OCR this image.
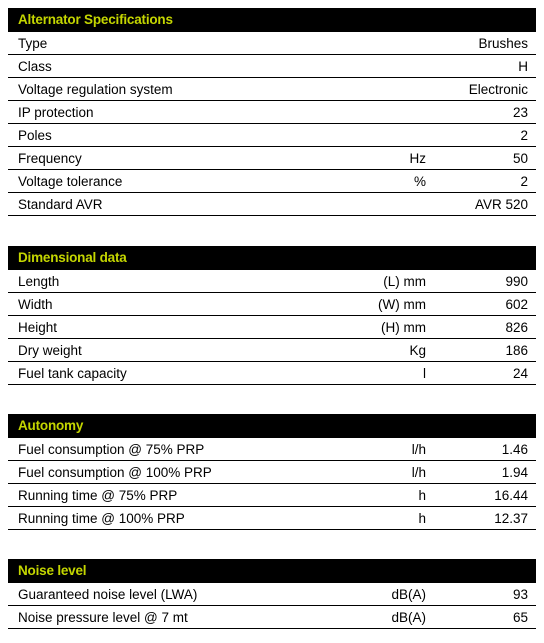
Alternator Specifications
Type	Brushes
Class	H
Voltage regulation system	Electronic
IP protection	23
Poles	2
Frequency	Hz	50
Voltage tolerance	%	2
Standard AVR	AVR 520
Dimensional data
Length	(L) mm	990
Width	(W) mm	602
Height	(H) mm	826
Dry weight	Kg	186
Fuel tank capacity	l	24
Autonomy
Fuel consumption @ 75% PRP	l/h	1.46
Fuel consumption @ 100% PRP	l/h	1.94
Running time @ 75% PRP	h	16.44
Running time @ 100% PRP	h	12.37
Noise level
Guaranteed noise level (LWA)	dB(A)	93
Noise pressure level @ 7 mt	dB(A)	65
